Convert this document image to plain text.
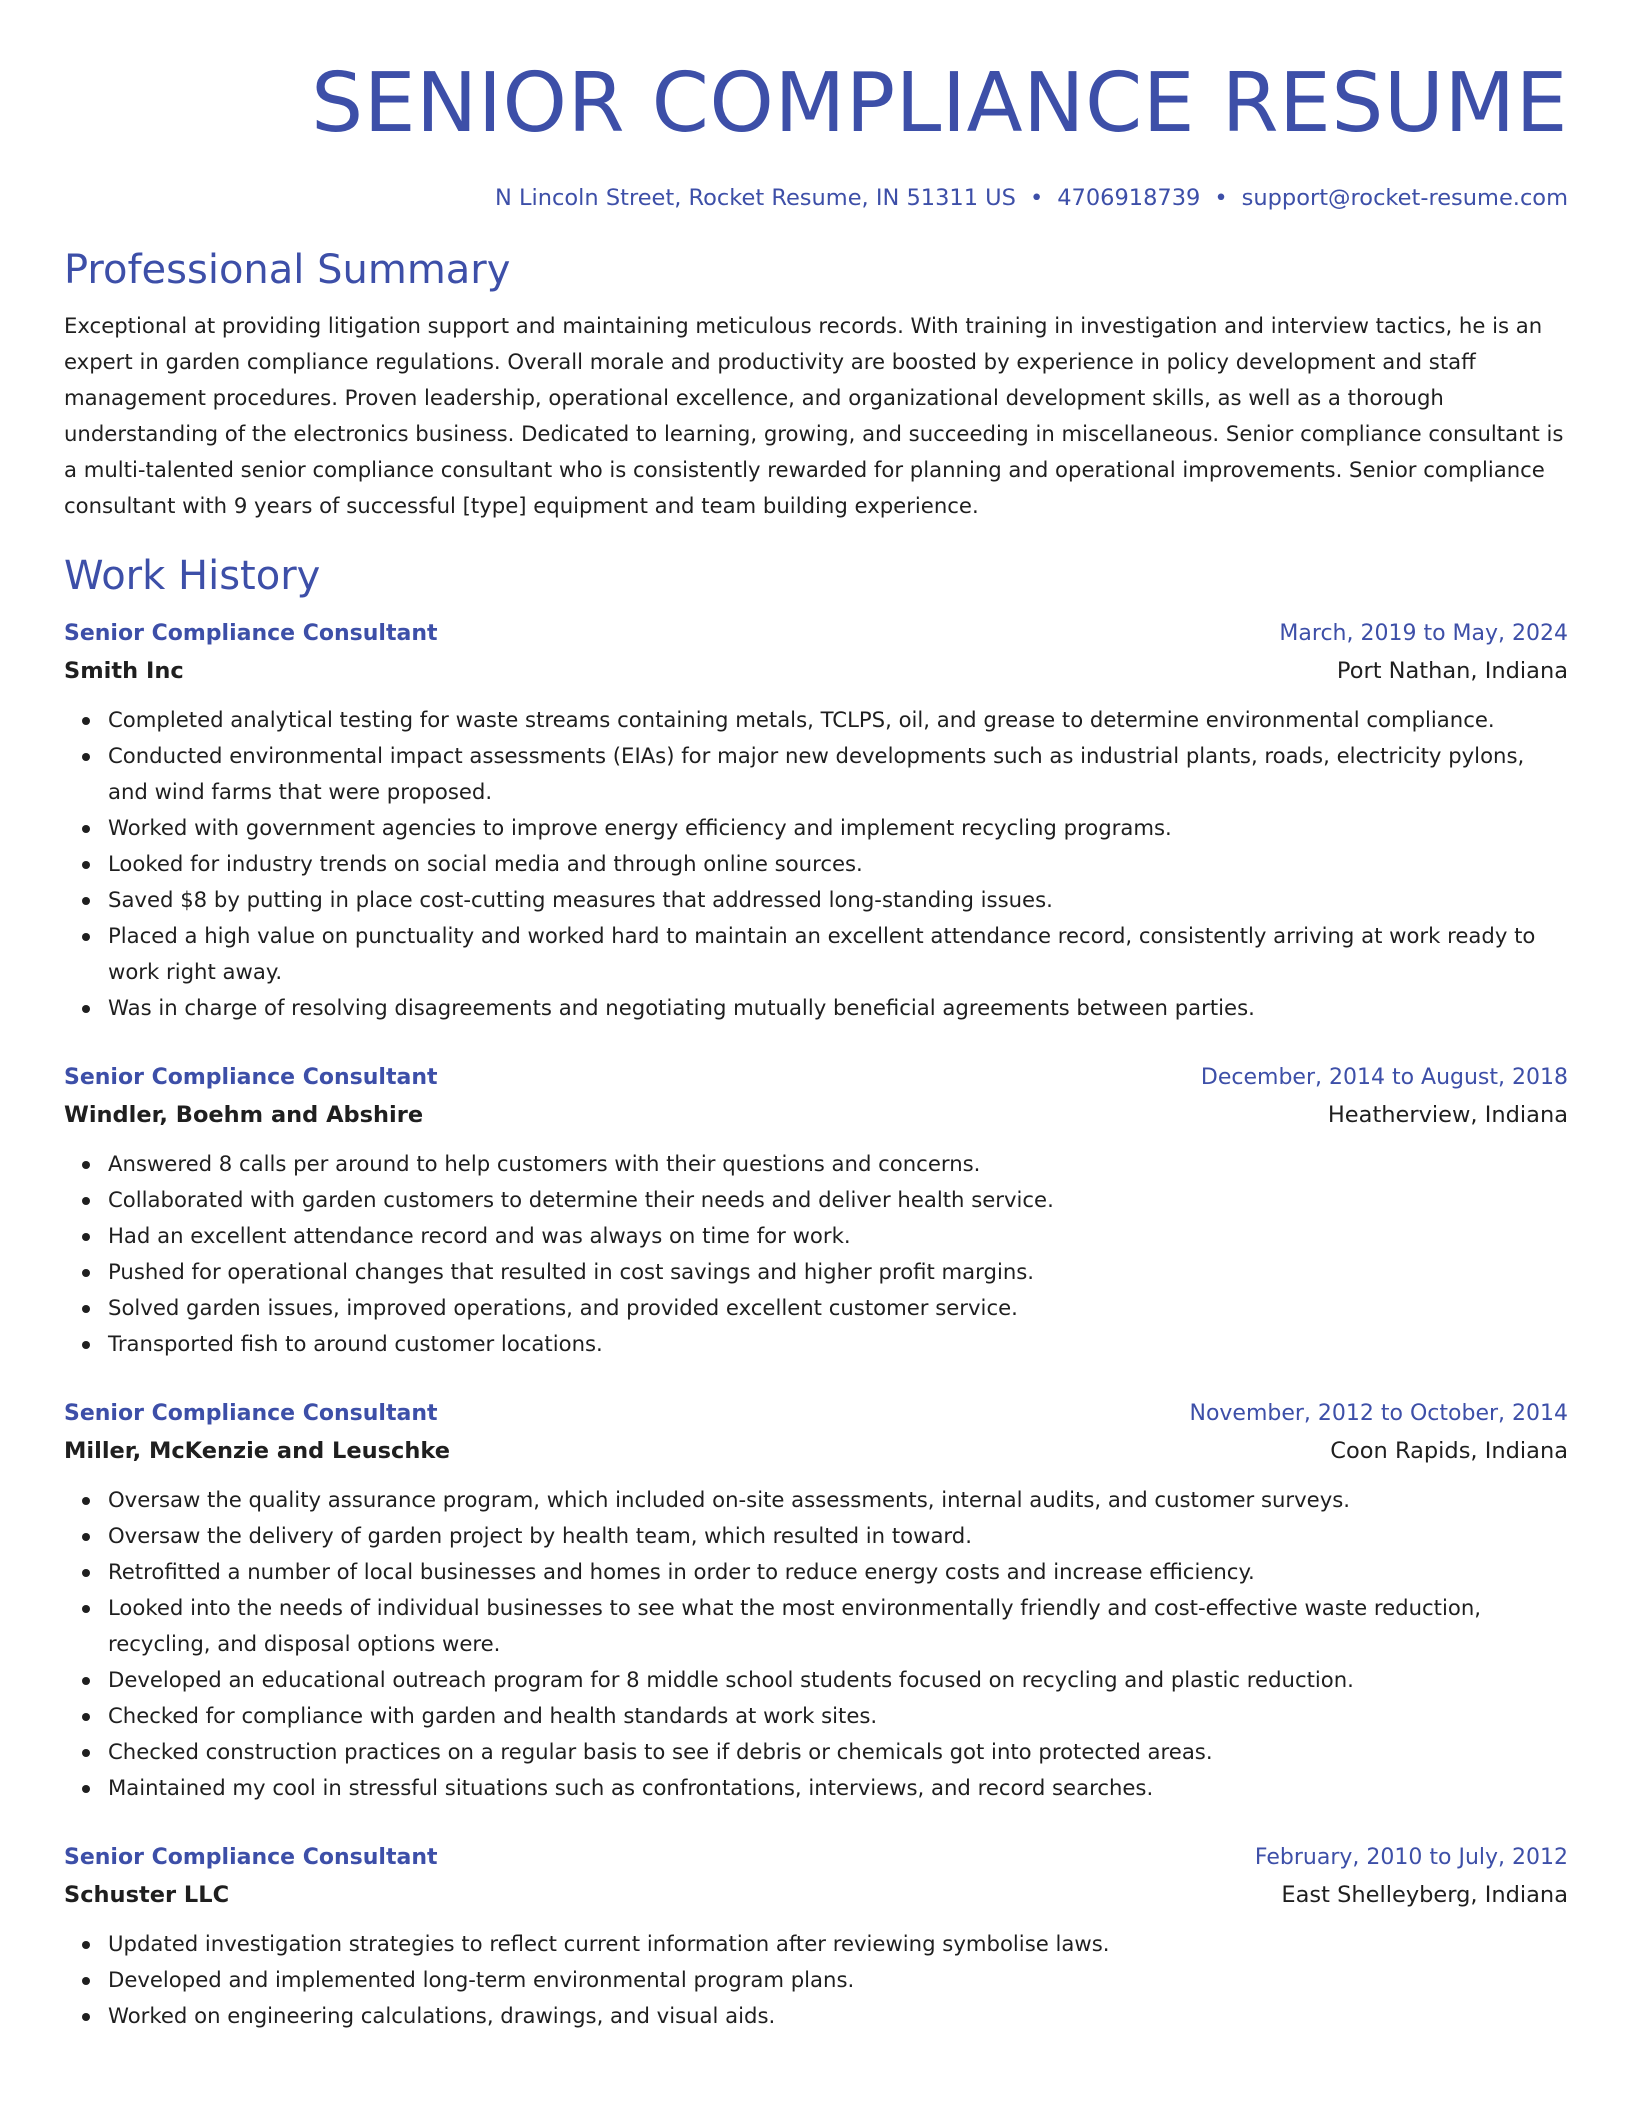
SENIOR COMPLIANCE RESUME
N Lincoln Street, Rocket Resume, IN 51311 US • 4706918739 • support@rocket-resume.com
Professional Summary

Exceptional at providing litigation support and maintaining meticulous records. With training in investigation and interview tactics, he is an expert in garden compliance regulations. Overall morale and productivity are boosted by experience in policy development and staff management procedures. Proven leadership, operational excellence, and organizational development skills, as well as a thorough understanding of the electronics business. Dedicated to learning, growing, and succeeding in miscellaneous. Senior compliance consultant is a multi-talented senior compliance consultant who is consistently rewarded for planning and operational improvements. Senior compliance consultant with 9 years of successful [type] equipment and team building experience.

Work History
Senior Compliance Consultant	March, 2019 to May, 2024
Smith Inc	Port Nathan, Indiana
Completed analytical testing for waste streams containing metals, TCLPS, oil, and grease to determine environmental compliance.
Conducted environmental impact assessments (EIAs) for major new developments such as industrial plants, roads, electricity pylons, and wind farms that were proposed.
Worked with government agencies to improve energy efficiency and implement recycling programs.
Looked for industry trends on social media and through online sources.
Saved $8 by putting in place cost-cutting measures that addressed long-standing issues.
Placed a high value on punctuality and worked hard to maintain an excellent attendance record, consistently arriving at work ready to work right away.
Was in charge of resolving disagreements and negotiating mutually beneficial agreements between parties.
Senior Compliance Consultant	December, 2014 to August, 2018
Windler, Boehm and Abshire	Heatherview, Indiana
Answered 8 calls per around to help customers with their questions and concerns.
Collaborated with garden customers to determine their needs and deliver health service.
Had an excellent attendance record and was always on time for work.
Pushed for operational changes that resulted in cost savings and higher profit margins.
Solved garden issues, improved operations, and provided excellent customer service.
Transported fish to around customer locations.
Senior Compliance Consultant	November, 2012 to October, 2014
Miller, McKenzie and Leuschke	Coon Rapids, Indiana
Oversaw the quality assurance program, which included on-site assessments, internal audits, and customer surveys.
Oversaw the delivery of garden project by health team, which resulted in toward.
Retrofitted a number of local businesses and homes in order to reduce energy costs and increase efficiency.
Looked into the needs of individual businesses to see what the most environmentally friendly and cost-effective waste reduction, recycling, and disposal options were.
Developed an educational outreach program for 8 middle school students focused on recycling and plastic reduction.
Checked for compliance with garden and health standards at work sites.
Checked construction practices on a regular basis to see if debris or chemicals got into protected areas.
Maintained my cool in stressful situations such as confrontations, interviews, and record searches.
Senior Compliance Consultant	February, 2010 to July, 2012
Schuster LLC	East Shelleyberg, Indiana
Updated investigation strategies to reflect current information after reviewing symbolise laws.
Developed and implemented long-term environmental program plans.
Worked on engineering calculations, drawings, and visual aids.
